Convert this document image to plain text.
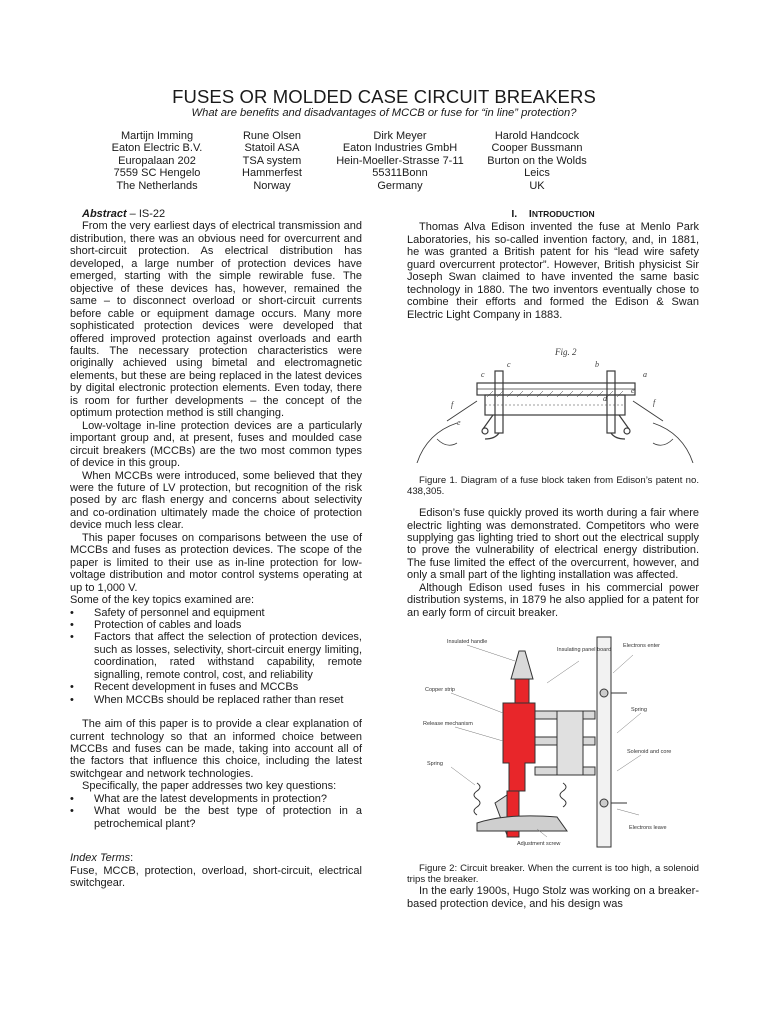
FUSES OR MOLDED CASE CIRCUIT BREAKERS
What are benefits and disadvantages of MCCB or fuse for “in line” protection?
Martijn Imming
Eaton Electric B.V.
Europalaan 202
7559 SC Hengelo
The Netherlands
Rune Olsen
Statoil ASA
TSA system
Hammerfest
Norway
Dirk Meyer
Eaton Industries GmbH
Hein-Moeller-Strasse 7-11
55311Bonn
Germany
Harold Handcock
Cooper Bussmann
Burton on the Wolds
Leics
UK

Abstract – IS-22

From the very earliest days of electrical transmission and distribution, there was an obvious need for overcurrent and short-circuit protection. As electrical distribution has developed, a large number of protection devices have emerged, starting with the simple rewirable fuse. The objective of these devices has, however, remained the same – to disconnect overload or short-circuit currents before cable or equipment damage occurs. Many more sophisticated protection devices were developed that offered improved protection against overloads and earth faults. The necessary protection characteristics were originally achieved using bimetal and electromagnetic elements, but these are being replaced in the latest devices by digital electronic protection elements. Even today, there is room for further developments – the concept of the optimum protection method is still changing.

Low-voltage in-line protection devices are a particularly important group and, at present, fuses and moulded case circuit breakers (MCCBs) are the two most common types of device in this group.

When MCCBs were introduced, some believed that they were the future of LV protection, but recognition of the risk posed by arc flash energy and concerns about selectivity and co-ordination ultimately made the choice of protection device much less clear.

This paper focuses on comparisons between the use of MCCBs and fuses as protection devices. The scope of the paper is limited to their use as in-line protection for low-voltage distribution and motor control systems operating at up to 1,000 V.

Some of the key topics examined are:

• Safety of personnel and equipment
• Protection of cables and loads
• Factors that affect the selection of protection devices, such as losses, selectivity, short-circuit energy limiting, coordination, rated withstand capability, remote signalling, remote control, cost, and reliability
• Recent development in fuses and MCCBs
• When MCCBs should be replaced rather than reset

The aim of this paper is to provide a clear explanation of current technology so that an informed choice between MCCBs and fuses can be made, taking into account all of the factors that influence this choice, including the latest switchgear and network technologies.

Specifically, the paper addresses two key questions:

• What are the latest developments in protection?
• What would be the best type of protection in a petrochemical plant?

Index Terms:

Fuse, MCCB, protection, overload, short-circuit, electrical switchgear.

I. INTRODUCTION

Thomas Alva Edison invented the fuse at Menlo Park Laboratories, his so-called invention factory, and, in 1881, he was granted a British patent for his “lead wire safety guard overcurrent protector”. However, British physicist Sir Joseph Swan claimed to have invented the same basic technology in 1880. The two inventors eventually chose to combine their efforts and formed the Edison & Swan Electric Light Company in 1883.

Fig. 2
c	b
a
e
f
c
d
f
e

Figure 1. Diagram of a fuse block taken from Edison’s patent no. 438,305.

Edison’s fuse quickly proved its worth during a fair where electric lighting was demonstrated. Competitors who were supplying gas lighting tried to short out the electrical supply to prove the vulnerability of electrical energy distribution. The fuse limited the effect of the overcurrent, however, and only a small part of the lighting installation was affected.

Although Edison used fuses in his commercial power distribution systems, in 1879 he also applied for a patent for an early form of circuit breaker.

Insulated handle
Insulating panel board
Electrons enter
Copper strip
Release mechanism
Spring
Spring
Solenoid and core
Adjustment screw
Electrons leave

Figure 2: Circuit breaker. When the current is too high, a solenoid trips the breaker.

In the early 1900s, Hugo Stolz was working on a breaker-based protection device, and his design was
